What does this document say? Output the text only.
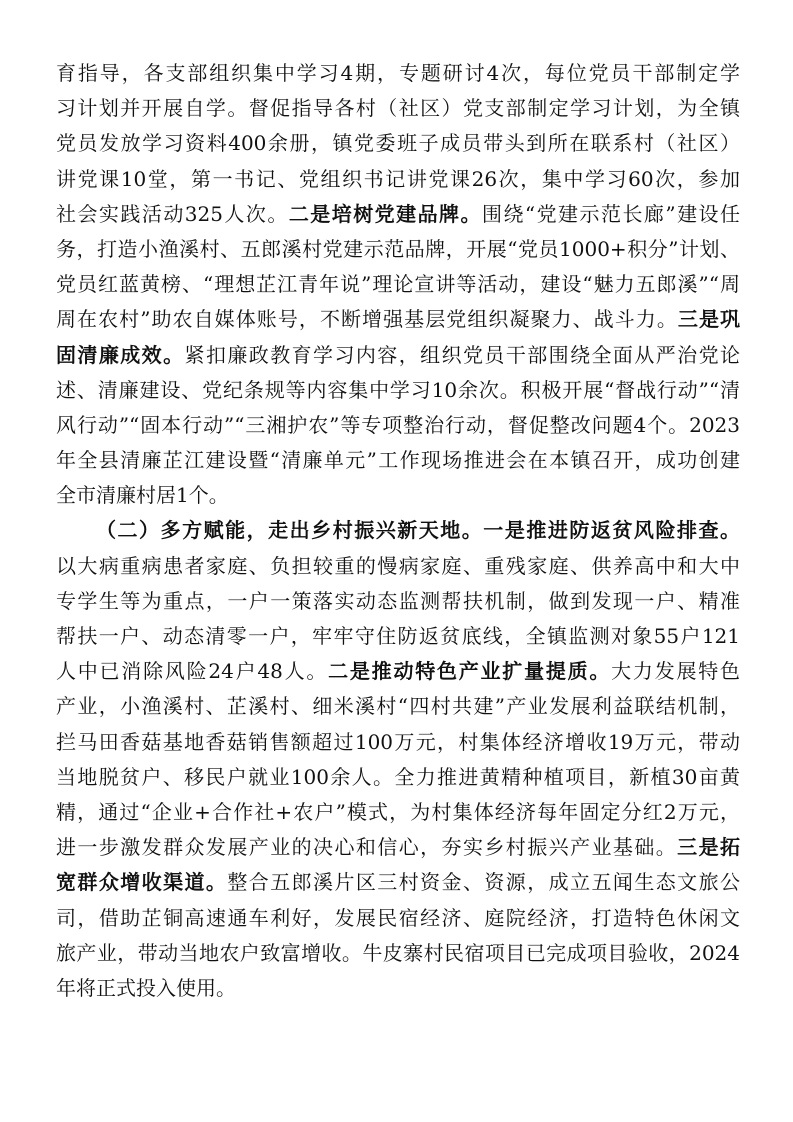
育指导，各支部组织集中学习4期，专题研讨4次，每位党员干部制定学
习计划并开展自学。督促指导各村（社区）党支部制定学习计划，为全镇
党员发放学习资料400余册，镇党委班子成员带头到所在联系村（社区）
讲党课10堂，第一书记、党组织书记讲党课26次，集中学习60次，参加
社会实践活动325人次。二是培树党建品牌。围绕“党建示范长廊”建设任
务，打造小渔溪村、五郎溪村党建示范品牌，开展“党员1000+积分”计划、
党员红蓝黄榜、“理想芷江青年说”理论宣讲等活动，建设“魅力五郎溪”“周
周在农村”助农自媒体账号，不断增强基层党组织凝聚力、战斗力。三是巩
固清廉成效。紧扣廉政教育学习内容，组织党员干部围绕全面从严治党论
述、清廉建设、党纪条规等内容集中学习10余次。积极开展“督战行动”“清
风行动”“固本行动”“三湘护农”等专项整治行动，督促整改问题4个。2023
年全县清廉芷江建设暨“清廉单元”工作现场推进会在本镇召开，成功创建
全市清廉村居1个。
（二）多方赋能，走出乡村振兴新天地。一是推进防返贫风险排查。
以大病重病患者家庭、负担较重的慢病家庭、重残家庭、供养高中和大中
专学生等为重点，一户一策落实动态监测帮扶机制，做到发现一户、精准
帮扶一户、动态清零一户，牢牢守住防返贫底线，全镇监测对象55户121
人中已消除风险24户48人。二是推动特色产业扩量提质。大力发展特色
产业，小渔溪村、芷溪村、细米溪村“四村共建”产业发展利益联结机制，
拦马田香菇基地香菇销售额超过100万元，村集体经济增收19万元，带动
当地脱贫户、移民户就业100余人。全力推进黄精种植项目，新植30亩黄
精，通过“企业+合作社+农户”模式，为村集体经济每年固定分红2万元，
进一步激发群众发展产业的决心和信心，夯实乡村振兴产业基础。三是拓
宽群众增收渠道。整合五郎溪片区三村资金、资源，成立五闻生态文旅公
司，借助芷铜高速通车利好，发展民宿经济、庭院经济，打造特色休闲文
旅产业，带动当地农户致富增收。牛皮寨村民宿项目已完成项目验收，2024
年将正式投入使用。
